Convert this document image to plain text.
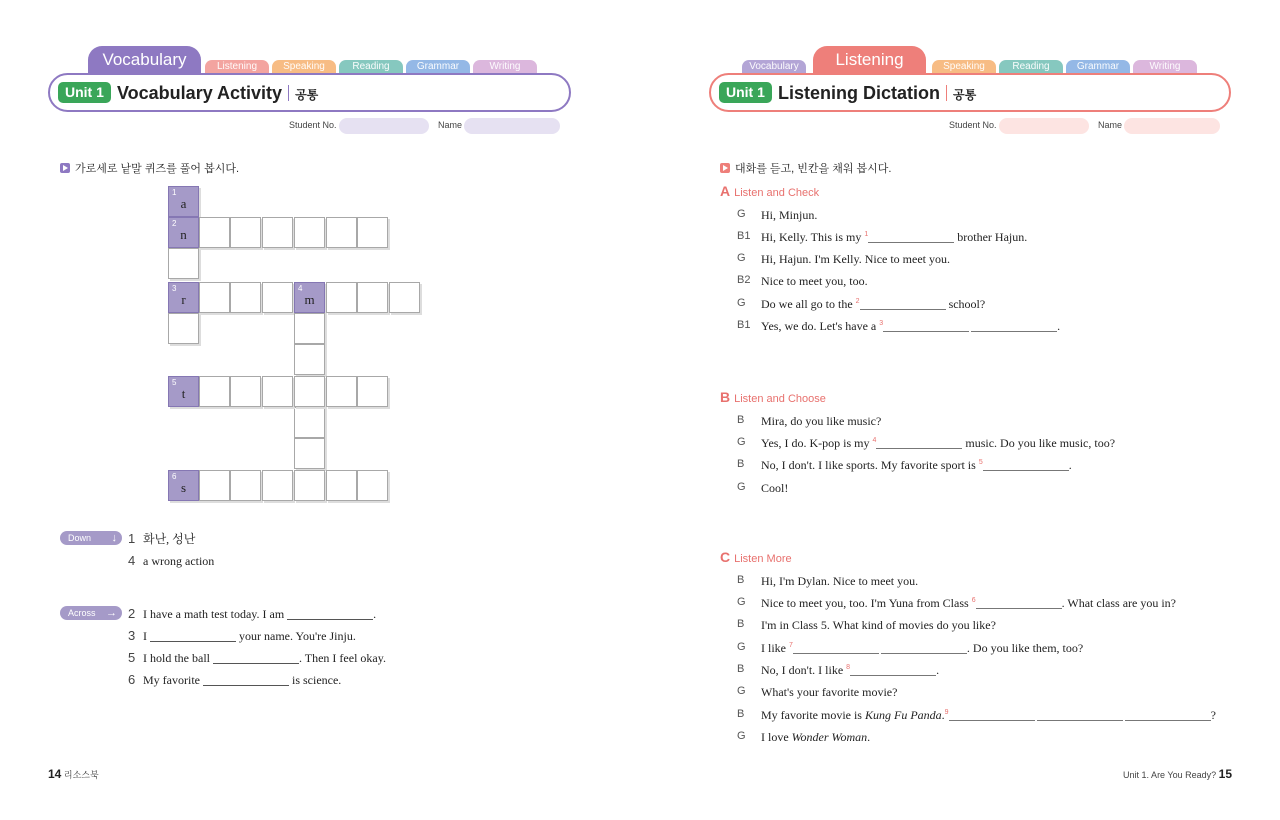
Vocabulary	Listening	Speaking	Reading	Grammar	Writing
Unit 1 Vocabulary Activity 공통
Student No.	Name
가로세로 낱말 퀴즈를 풀어 봅시다.
1
a
2
n
3
r
4
m
5
t
6
s
Down ↓ 1 화난, 성난
4 a wrong action
Across → 2 I have a math test today. I am	.
3 I	your name. You're Jinju.
5 I hold the ball	. Then I feel okay.
6 My favorite	is science.
14 리소스북
Vocabulary	Listening	Speaking	Reading	Grammar	Writing
Unit 1 Listening Dictation 공통
Student No.	Name
대화를 듣고, 빈칸을 채워 봅시다.
A Listen and Check
G	Hi, Minjun.
B1 Hi, Kelly. This is my $^1$	brother Hajun.
G	Hi, Hajun. I'm Kelly. Nice to meet you.
B2 Nice to meet you, too.
G	Do we all go to the $^2$	school?
B1 Yes, we do. Let's have a $^3$	.
B Listen and Choose
B	Mira, do you like music?
G	Yes, I do. K-pop is my $^4$	music. Do you like music, too?
B	No, I don't. I like sports. My favorite sport is $^5$	.
G	Cool!
C Listen More
B	Hi, I'm Dylan. Nice to meet you.
G	Nice to meet you, too. I'm Yuna from Class $^6$	. What class are you in?
B	I'm in Class 5. What kind of movies do you like?
G	I like $^7$	. Do you like them, too?
B	No, I don't. I like $^8$	.
G	What's your favorite movie?
B	My favorite movie is Kung Fu Panda.$^9$	?
G	I love Wonder Woman.
Unit 1. Are You Ready? 15
